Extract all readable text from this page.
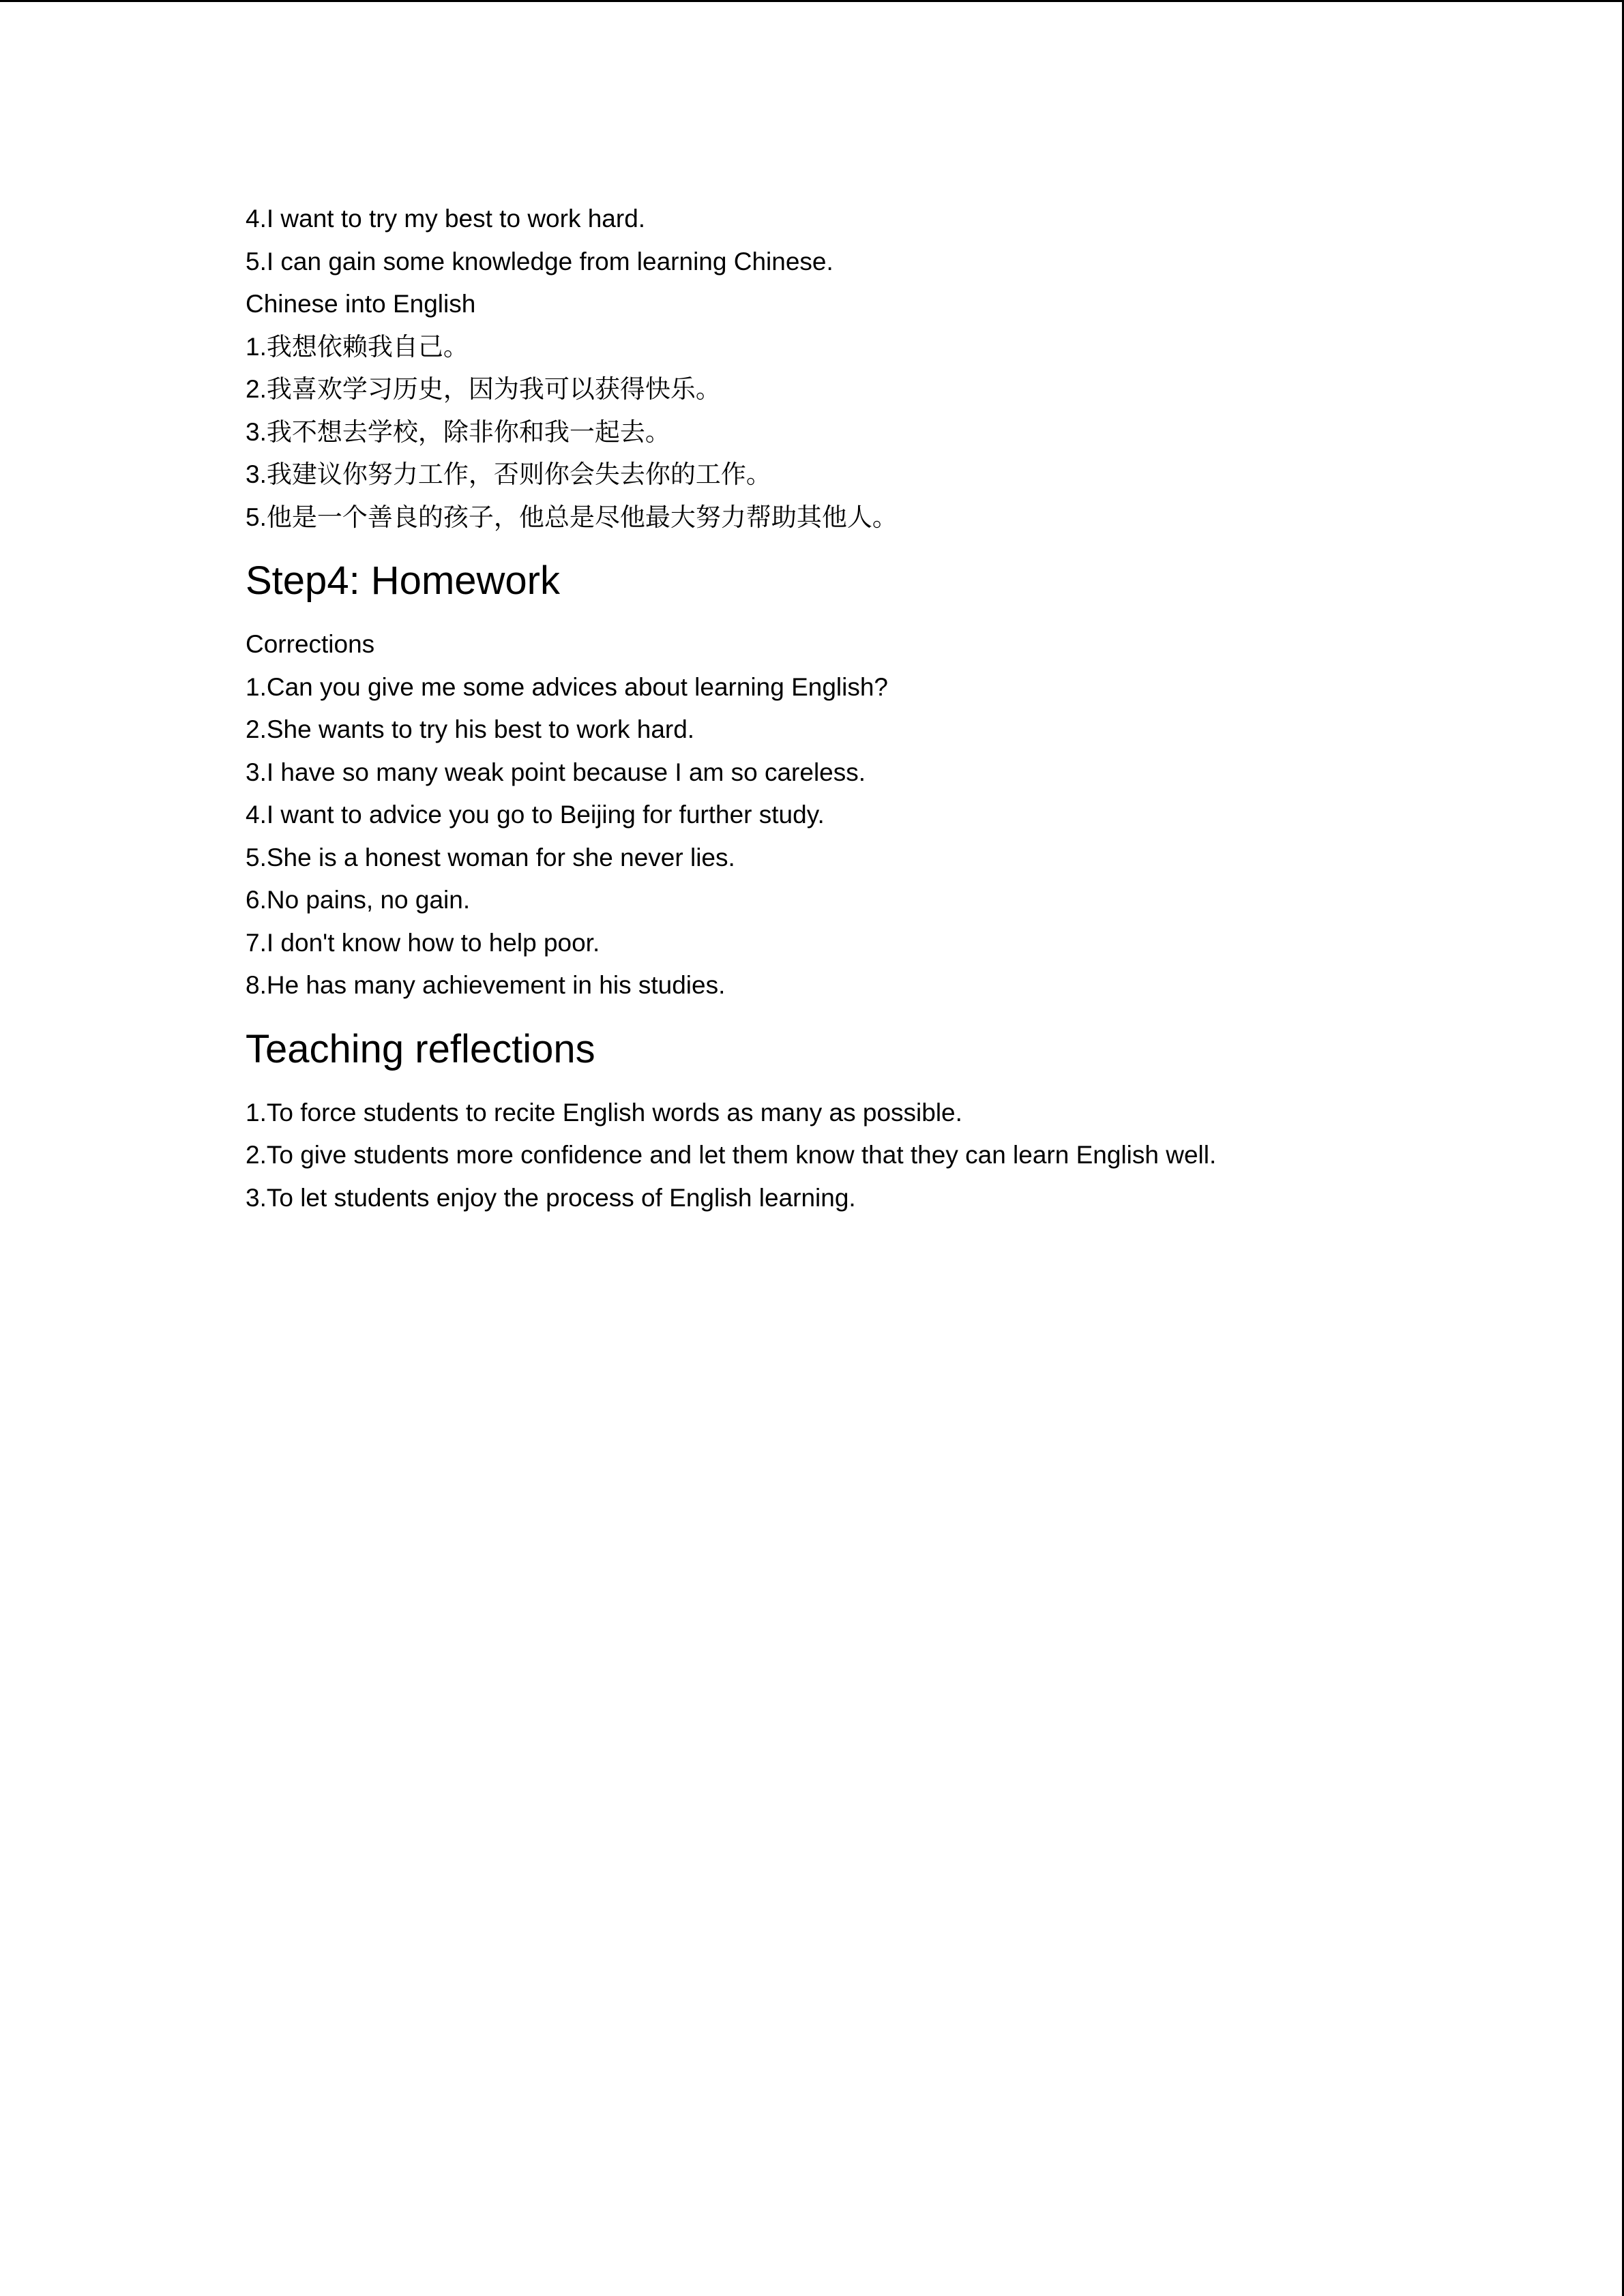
4.I want to try my best to work hard.
5.I can gain some knowledge from learning Chinese.
Chinese into English
1.我想依赖我自己。
2.我喜欢学习历史，因为我可以获得快乐。
3.我不想去学校，除非你和我一起去。
3.我建议你努力工作，否则你会失去你的工作。
5.他是一个善良的孩子，他总是尽他最大努力帮助其他人。
Step4: Homework
Corrections
1.Can you give me some advices about learning English?
2.She wants to try his best to work hard.
3.I have so many weak point because I am so careless.
4.I want to advice you go to Beijing for further study.
5.She is a honest woman for she never lies.
6.No pains, no gain.
7.I don't know how to help poor.
8.He has many achievement in his studies.
Teaching reflections
1.To force students to recite English words as many as possible.
2.To give students more confidence and let them know that they can learn English well.
3.To let students enjoy the process of English learning.
